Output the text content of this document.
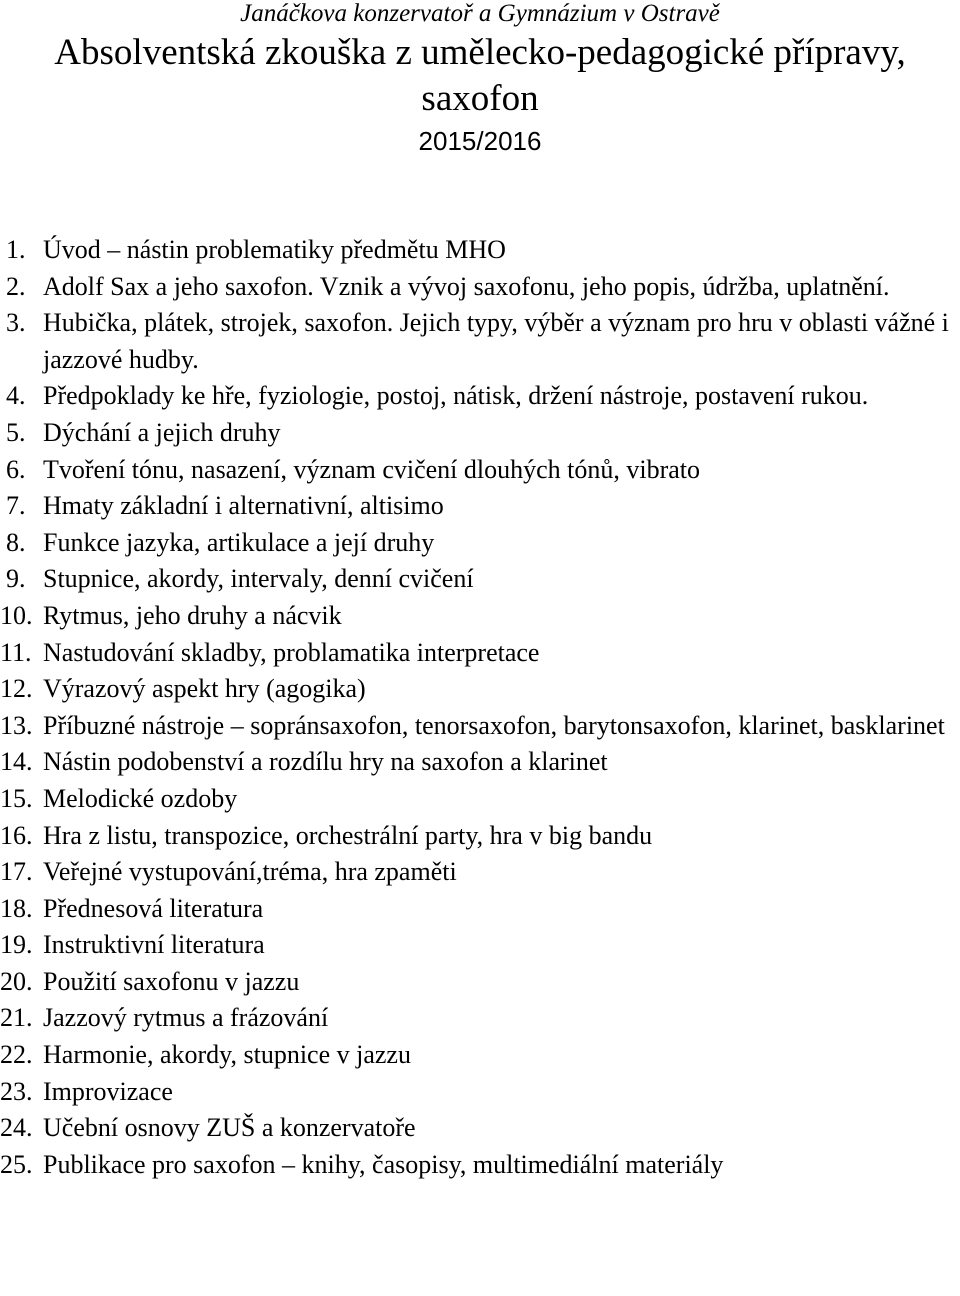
Janáčkova konzervatoř a Gymnázium v Ostravě

Absolventská zkouška z umělecko-pedagogické přípravy,
saxofon

2015/2016

1. Úvod – nástin problematiky předmětu MHO
2. Adolf Sax a jeho saxofon. Vznik a vývoj saxofonu, jeho popis, údržba, uplatnění.
3. Hubička, plátek, strojek, saxofon. Jejich typy, výběr a význam pro hru v oblasti vážné i jazzové hudby.
4. Předpoklady ke hře, fyziologie, postoj, nátisk, držení nástroje, postavení rukou.
5. Dýchání a jejich druhy
6. Tvoření tónu, nasazení, význam cvičení dlouhých tónů, vibrato
7. Hmaty základní i alternativní, altisimo
8. Funkce jazyka, artikulace a její druhy
9. Stupnice, akordy, intervaly, denní cvičení
10. Rytmus, jeho druhy a nácvik
11. Nastudování skladby, problamatika interpretace
12. Výrazový aspekt hry (agogika)
13. Příbuzné nástroje – sopránsaxofon, tenorsaxofon, barytonsaxofon, klarinet, basklarinet
14. Nástin podobenství a rozdílu hry na saxofon a klarinet
15. Melodické ozdoby
16. Hra z listu, transpozice, orchestrální party, hra v big bandu
17. Veřejné vystupování,tréma, hra zpaměti
18. Přednesová literatura
19. Instruktivní literatura
20. Použití saxofonu v jazzu
21. Jazzový rytmus a frázování
22. Harmonie, akordy, stupnice v jazzu
23. Improvizace
24. Učební osnovy ZUŠ a konzervatoře
25. Publikace pro saxofon – knihy, časopisy, multimediální materiály
